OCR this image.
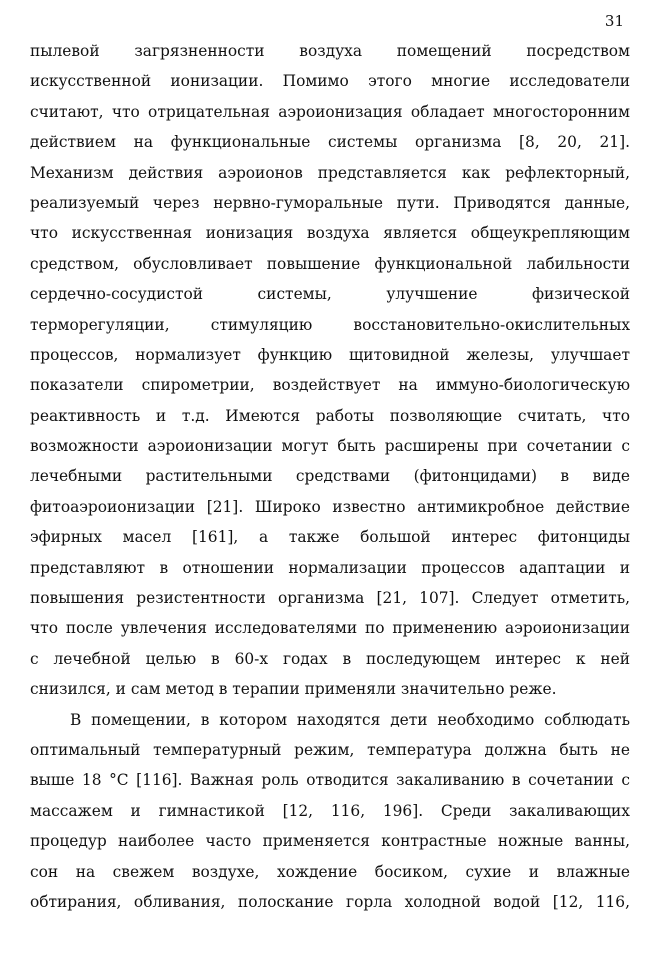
31
пылевой загрязненности воздуха помещений посредством
искусственной ионизации. Помимо этого многие исследователи
считают, что отрицательная аэроионизация обладает многосторонним
действием на функциональные системы организма [8, 20, 21].
Механизм действия аэроионов представляется как рефлекторный,
реализуемый через нервно-гуморальные пути. Приводятся данные,
что искусственная ионизация воздуха является общеукрепляющим
средством, обусловливает повышение функциональной лабильности
сердечно-сосудистой системы, улучшение физической
терморегуляции, стимуляцию восстановительно-окислительных
процессов, нормализует функцию щитовидной железы, улучшает
показатели спирометрии, воздействует на иммуно-биологическую
реактивность и т.д. Имеются работы позволяющие считать, что
возможности аэроионизации могут быть расширены при сочетании с
лечебными растительными средствами (фитонцидами) в виде
фитоаэроионизации [21]. Широко известно антимикробное действие
эфирных масел [161], а также большой интерес фитонциды
представляют в отношении нормализации процессов адаптации и
повышения резистентности организма [21, 107]. Следует отметить,
что после увлечения исследователями по применению аэроионизации
с лечебной целью в 60-х годах в последующем интерес к ней
снизился, и сам метод в терапии применяли значительно реже.
В помещении, в котором находятся дети необходимо соблюдать
оптимальный температурный режим, температура должна быть не
выше 18 °С [116]. Важная роль отводится закаливанию в сочетании с
массажем и гимнастикой [12, 116, 196]. Среди закаливающих
процедур наиболее часто применяется контрастные ножные ванны,
сон на свежем воздухе, хождение босиком, сухие и влажные
обтирания, обливания, полоскание горла холодной водой [12, 116,
